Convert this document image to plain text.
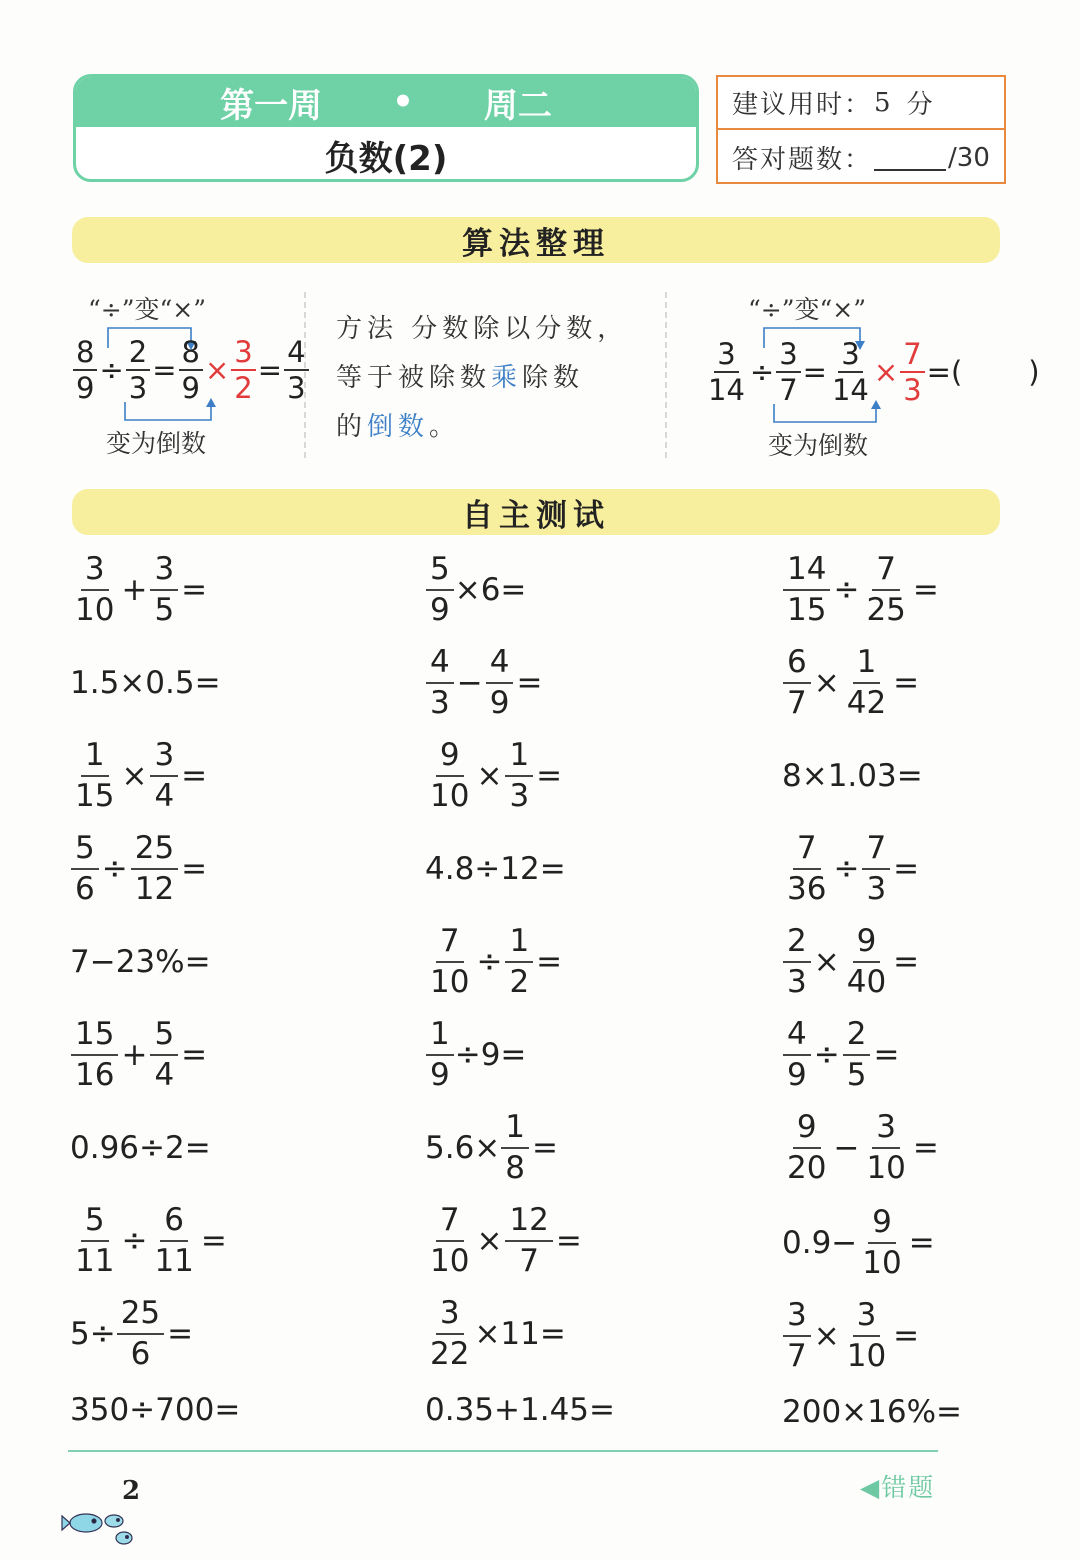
第一周 • 周二
负数(2)
建议用时： 5 分
答对题数：	/30
算法整理
“÷”变“×”
$\frac{8}{9} \div \frac{2}{3} = \frac{8}{9} \times \frac{3}{2} = \frac{4}{3}$
变为倒数
方法 分数除以分数，
等于被除数乘除数
的倒数。
“÷”变“×”
$\frac{3}{14} \div \frac{3}{7} = \frac{3}{14} \times \frac{7}{3}$ =( )
变为倒数
自主测试
3
10
+ $\frac{3}{5}$ =
1.5×0.5=
$\frac{1}{15} \times \frac{3}{4}$ =
$\frac{5}{6} \div \frac{25}{12}$ =
7−23%=
15
16
+ $\frac{5}{4}$ =
0.96÷2=
$\frac{5}{11} \div \frac{6}{11}$ =
$5\div \frac{25}{6}$ =
350÷700=
$\frac{5}{9} \times 6=$
4
3
− $\frac{4}{9}$ =
$\frac{9}{10} \times \frac{1}{3}$ =
4.8÷12=
$\frac{7}{10} \div \frac{1}{2}$ =
$\frac{1}{9} \div 9=$
$5.6\times \frac{1}{8}$ =
$\frac{7}{10} \times \frac{12}{7}$ =
$\frac{3}{22} \times 11=$
0.35+1.45=
$\frac{14}{15} \div \frac{7}{25}$ =
$\frac{6}{7} \times \frac{1}{42}$ =
8×1.03=
$\frac{7}{36} \div \frac{7}{3}$ =
$\frac{2}{3} \times \frac{9}{40}$ =
$\frac{4}{9} \div \frac{2}{5}$ =
9
20
− $\frac{3}{10}$ =
$0.9- \frac{9}{10}$ =
$\frac{3}{7} \times \frac{3}{10}$ =
200×16%=
2	◀错题
